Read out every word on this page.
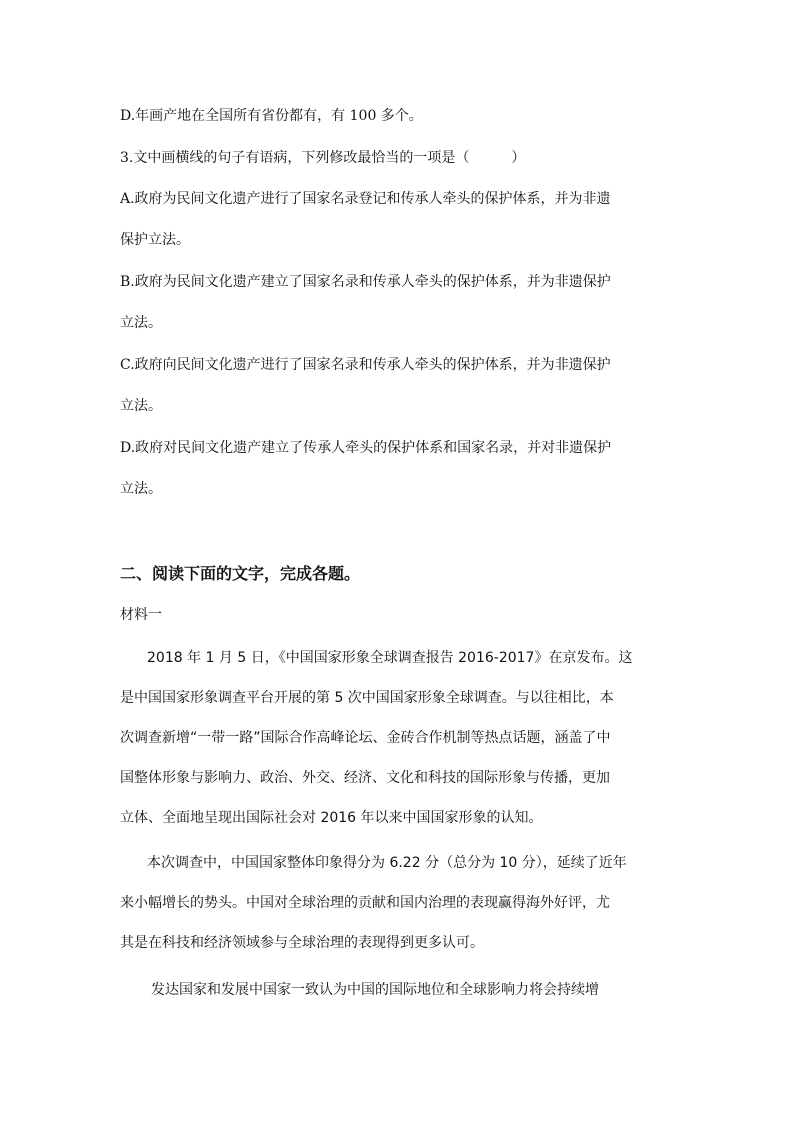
D.年画产地在全国所有省份都有，有 100 多个。

3.文中画横线的句子有语病，下列修改最恰当的一项是（　　　）

A.政府为民间文化遗产进行了国家名录登记和传承人牵头的保护体系，并为非遗

保护立法。

B.政府为民间文化遗产建立了国家名录和传承人牵头的保护体系，并为非遗保护

立法。

C.政府向民间文化遗产进行了国家名录和传承人牵头的保护体系，并为非遗保护

立法。

D.政府对民间文化遗产建立了传承人牵头的保护体系和国家名录，并对非遗保护

立法。

二、阅读下面的文字，完成各题。

材料一

2018 年 1 月 5 日，《中国国家形象全球调查报告 2016-2017》在京发布。这

是中国国家形象调查平台开展的第 5 次中国国家形象全球调查。与以往相比，本

次调查新增“一带一路”国际合作高峰论坛、金砖合作机制等热点话题，涵盖了中

国整体形象与影响力、政治、外交、经济、文化和科技的国际形象与传播，更加

立体、全面地呈现出国际社会对 2016 年以来中国国家形象的认知。

本次调查中，中国国家整体印象得分为 6.22 分（总分为 10 分），延续了近年

来小幅增长的势头。中国对全球治理的贡献和国内治理的表现赢得海外好评，尤

其是在科技和经济领域参与全球治理的表现得到更多认可。

发达国家和发展中国家一致认为中国的国际地位和全球影响力将会持续增
